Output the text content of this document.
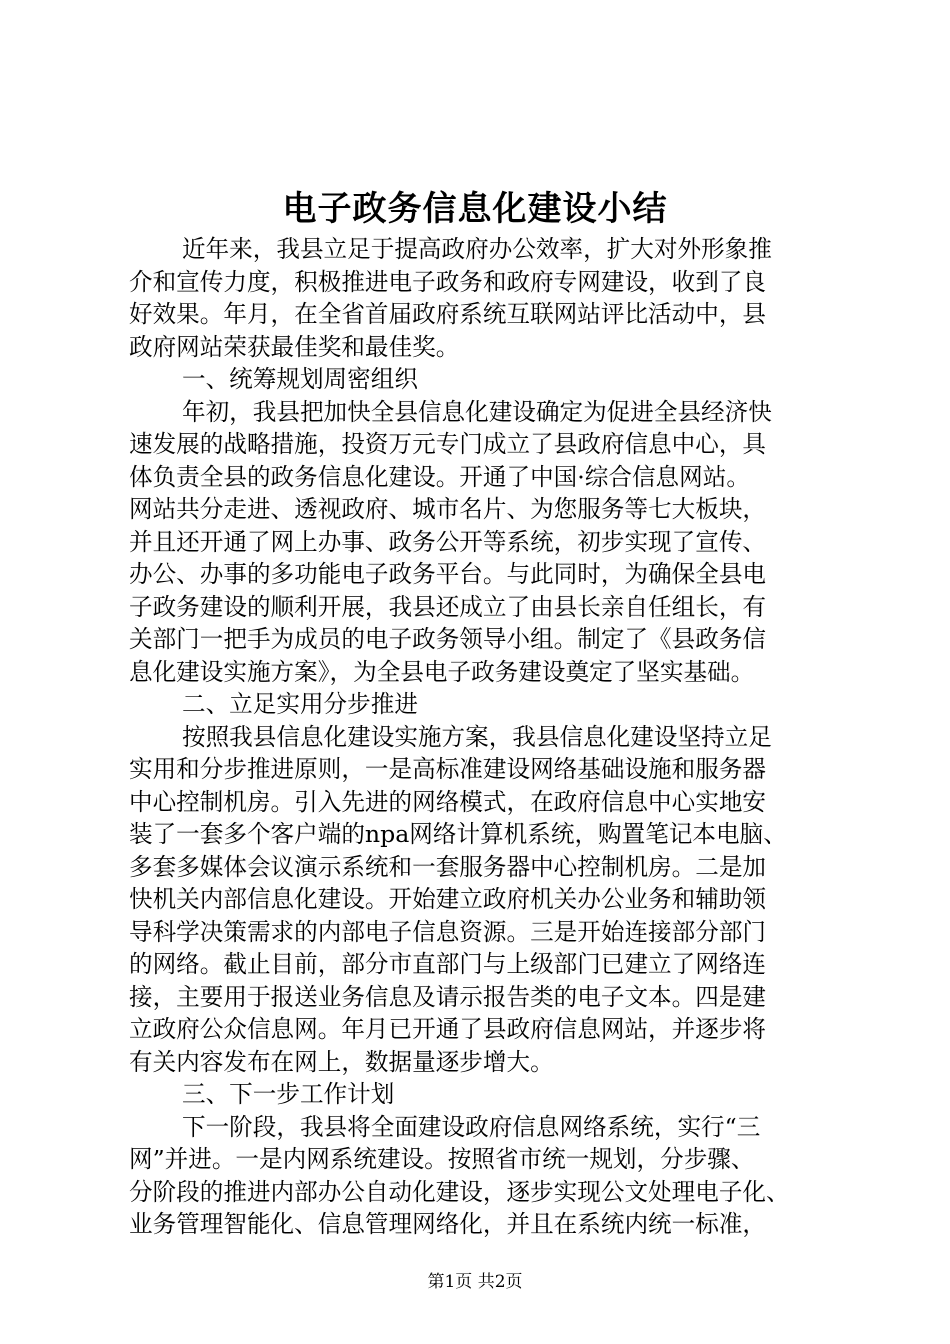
电子政务信息化建设小结
近年来，我县立足于提高政府办公效率，扩大对外形象推
介和宣传力度，积极推进电子政务和政府专网建设，收到了良
好效果。年月，在全省首届政府系统互联网站评比活动中，县
政府网站荣获最佳奖和最佳奖。
一、统筹规划周密组织
年初，我县把加快全县信息化建设确定为促进全县经济快
速发展的战略措施，投资万元专门成立了县政府信息中心，具
体负责全县的政务信息化建设。开通了中国·综合信息网站。
网站共分走进、透视政府、城市名片、为您服务等七大板块，
并且还开通了网上办事、政务公开等系统，初步实现了宣传、
办公、办事的多功能电子政务平台。与此同时，为确保全县电
子政务建设的顺利开展，我县还成立了由县长亲自任组长，有
关部门一把手为成员的电子政务领导小组。制定了《县政务信
息化建设实施方案》，为全县电子政务建设奠定了坚实基础。
二、立足实用分步推进
按照我县信息化建设实施方案，我县信息化建设坚持立足
实用和分步推进原则，一是高标准建设网络基础设施和服务器
中心控制机房。引入先进的网络模式，在政府信息中心实地安
装了一套多个客户端的npa网络计算机系统，购置笔记本电脑、
多套多媒体会议演示系统和一套服务器中心控制机房。二是加
快机关内部信息化建设。开始建立政府机关办公业务和辅助领
导科学决策需求的内部电子信息资源。三是开始连接部分部门
的网络。截止目前，部分市直部门与上级部门已建立了网络连
接，主要用于报送业务信息及请示报告类的电子文本。四是建
立政府公众信息网。年月已开通了县政府信息网站，并逐步将
有关内容发布在网上，数据量逐步增大。
三、下一步工作计划
下一阶段，我县将全面建设政府信息网络系统，实行“三
网”并进。一是内网系统建设。按照省市统一规划，分步骤、
分阶段的推进内部办公自动化建设，逐步实现公文处理电子化、
业务管理智能化、信息管理网络化，并且在系统内统一标准，
第1页 共2页
